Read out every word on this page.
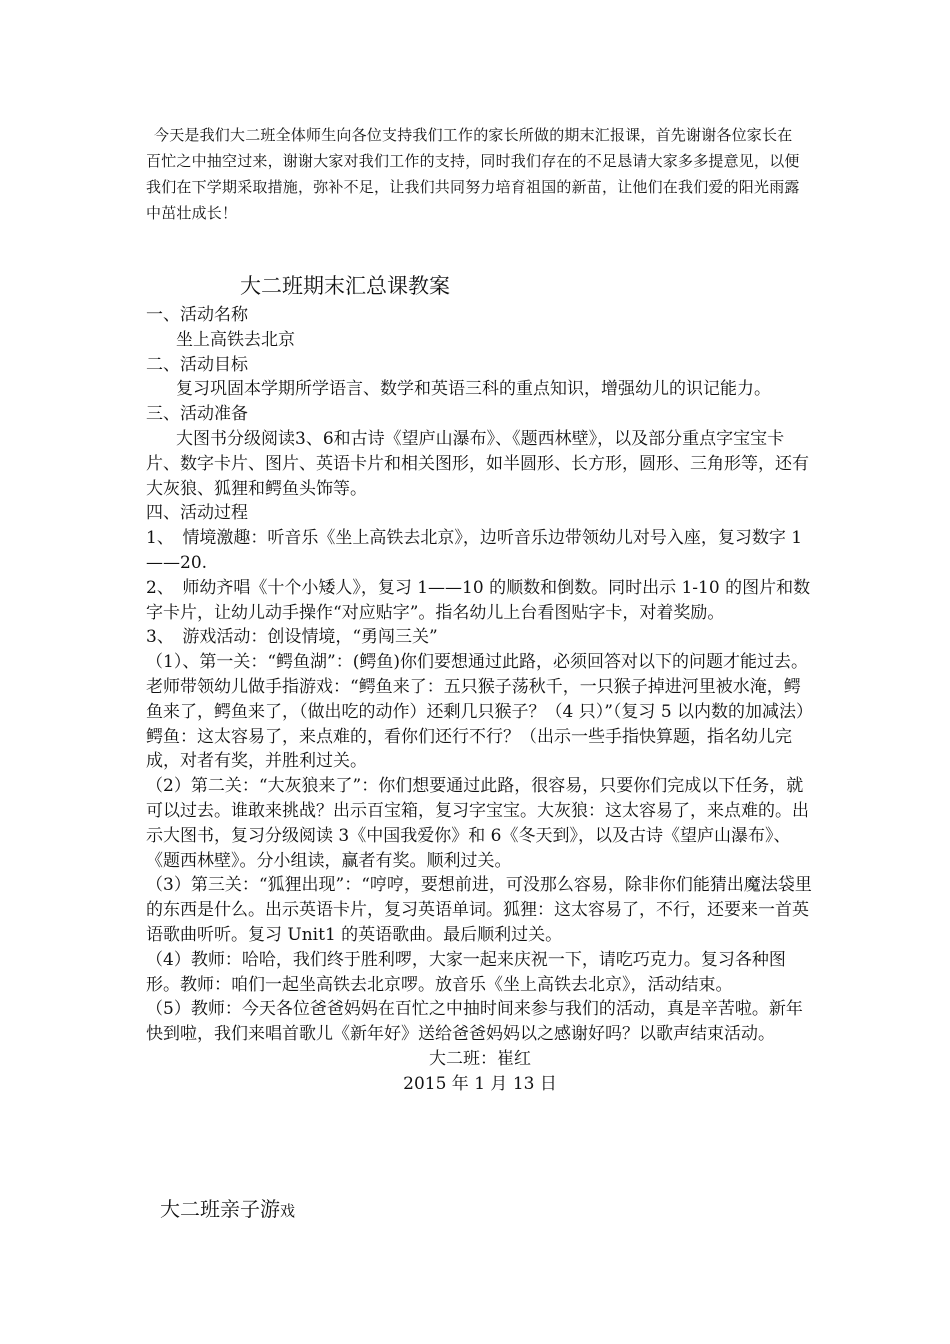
今天是我们大二班全体师生向各位支持我们工作的家长所做的期末汇报课，首先谢谢各位家长在百忙之中抽空过来，谢谢大家对我们工作的支持，同时我们存在的不足恳请大家多多提意见，以便我们在下学期采取措施，弥补不足，让我们共同努力培育祖国的新苗，让他们在我们爱的阳光雨露中茁壮成长！

大二班期末汇总课教案

一、活动名称

坐上高铁去北京

二、活动目标

复习巩固本学期所学语言、数学和英语三科的重点知识，增强幼儿的识记能力。

三、活动准备

大图书分级阅读3、6和古诗《望庐山瀑布》、《题西林壁》，以及部分重点字宝宝卡片、数字卡片、图片、英语卡片和相关图形，如半圆形、长方形，圆形、三角形等，还有大灰狼、狐狸和鳄鱼头饰等。

四、活动过程

1、　情境激趣：听音乐《坐上高铁去北京》，边听音乐边带领幼儿对号入座，复习数字 1——20.

2、　师幼齐唱《十个小矮人》，复习 1——10 的顺数和倒数。同时出示 1-10 的图片和数字卡片，让幼儿动手操作“对应贴字”。指名幼儿上台看图贴字卡，对着奖励。

3、　游戏活动：创设情境，“勇闯三关”

（1）、第一关：“鳄鱼湖”：(鳄鱼)你们要想通过此路，必须回答对以下的问题才能过去。老师带领幼儿做手指游戏：“鳄鱼来了：五只猴子荡秋千，一只猴子掉进河里被水淹，鳄鱼来了，鳄鱼来了，（做出吃的动作）还剩几只猴子？（4 只）”（复习 5 以内数的加减法）鳄鱼：这太容易了，来点难的，看你们还行不行？（出示一些手指快算题，指名幼儿完成，对者有奖，并胜利过关。

（2）第二关：“大灰狼来了”：你们想要通过此路，很容易，只要你们完成以下任务，就可以过去。谁敢来挑战？出示百宝箱，复习字宝宝。大灰狼：这太容易了，来点难的。出示大图书，复习分级阅读 3《中国我爱你》和 6《冬天到》，以及古诗《望庐山瀑布》、《题西林壁》。分小组读，赢者有奖。顺利过关。

（3）第三关：“狐狸出现”：“哼哼，要想前进，可没那么容易，除非你们能猜出魔法袋里的东西是什么。出示英语卡片，复习英语单词。狐狸：这太容易了，不行，还要来一首英语歌曲听听。复习 Unit1 的英语歌曲。最后顺利过关。

（4）教师：哈哈，我们终于胜利啰，大家一起来庆祝一下，请吃巧克力。复习各种图形。教师：咱们一起坐高铁去北京啰。放音乐《坐上高铁去北京》，活动结束。

（5）教师：今天各位爸爸妈妈在百忙之中抽时间来参与我们的活动，真是辛苦啦。新年快到啦，我们来唱首歌儿《新年好》送给爸爸妈妈以之感谢好吗？以歌声结束活动。

大二班：崔红

2015 年 1 月 13 日

大二班亲子游戏
